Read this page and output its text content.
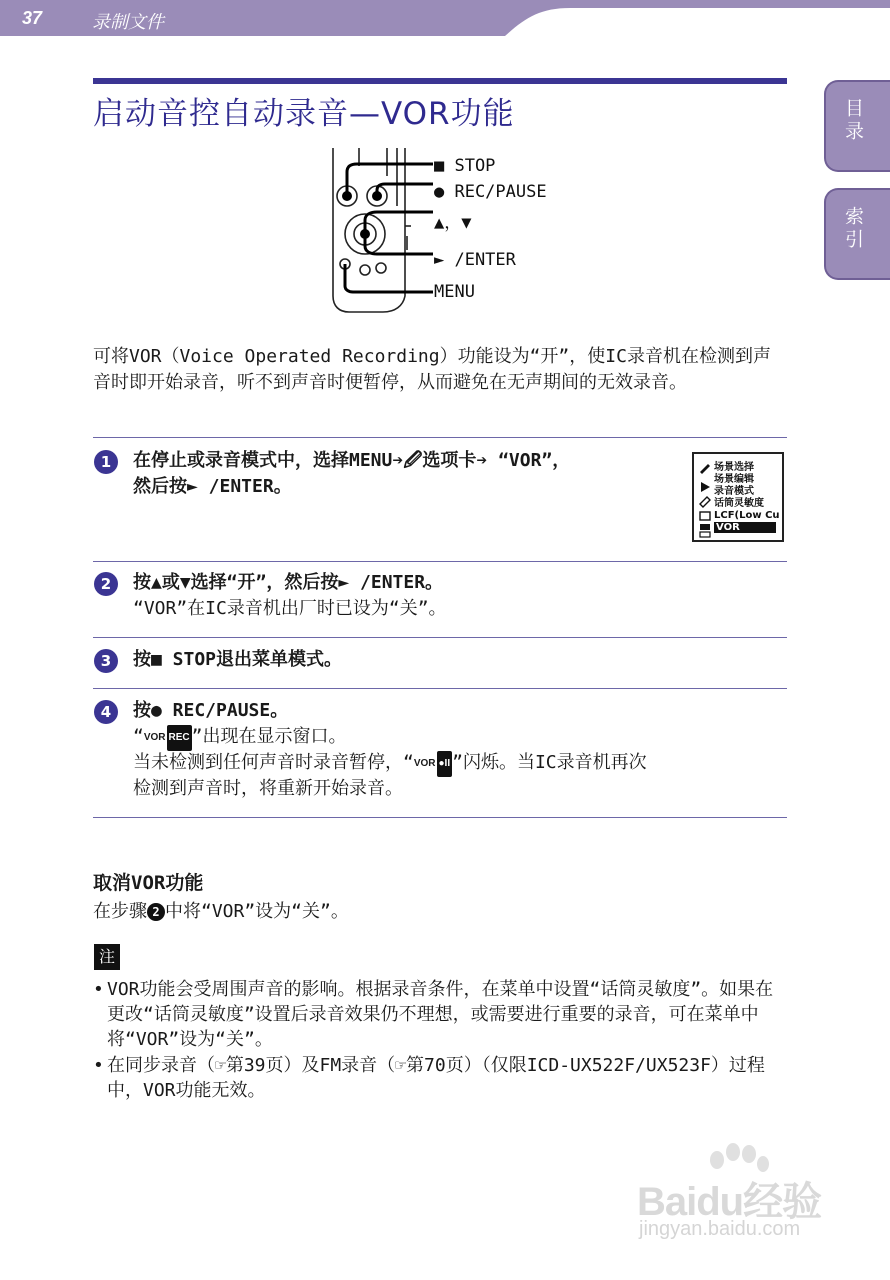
37	录制文件
目录
索引
启动音控自动录音—VOR功能
■ STOP
● REC/PAUSE
▲，▼
► /ENTER
MENU
可将VOR（Voice Operated Recording）功能设为“开”，使IC录音机在检测到声音时即开始录音，听不到声音时便暂停，从而避免在无声期间的无效录音。
1	在停止或录音模式中，选择MENU➔🖉选项卡➔ “VOR”，
然后按► /ENTER。
场景选择
场景编辑
录音模式
话筒灵敏度
LCF(Low Cu
VOR
2	按▲或▼选择“开”，然后按► /ENTER。
“VOR”在IC录音机出厂时已设为“关”。
3	按■ STOP退出菜单模式。
4	按● REC/PAUSE。
“VOR REC ”出现在显示窗口。
当未检测到任何声音时录音暂停，“VOR ●II ”闪烁。当IC录音机再次
检测到声音时，将重新开始录音。
取消VOR功能
在步骤 2 中将“VOR”设为“关”。
注
• VOR功能会受周围声音的影响。根据录音条件，在菜单中设置“话筒灵敏度”。如果在更改“话筒灵敏度”设置后录音效果仍不理想，或需要进行重要的录音，可在菜单中将“VOR”设为“关”。
• 在同步录音（☞第39页）及FM录音（☞第70页）（仅限ICD-UX522F/UX523F）过程中，VOR功能无效。
Baidu经验
jingyan.baidu.com
